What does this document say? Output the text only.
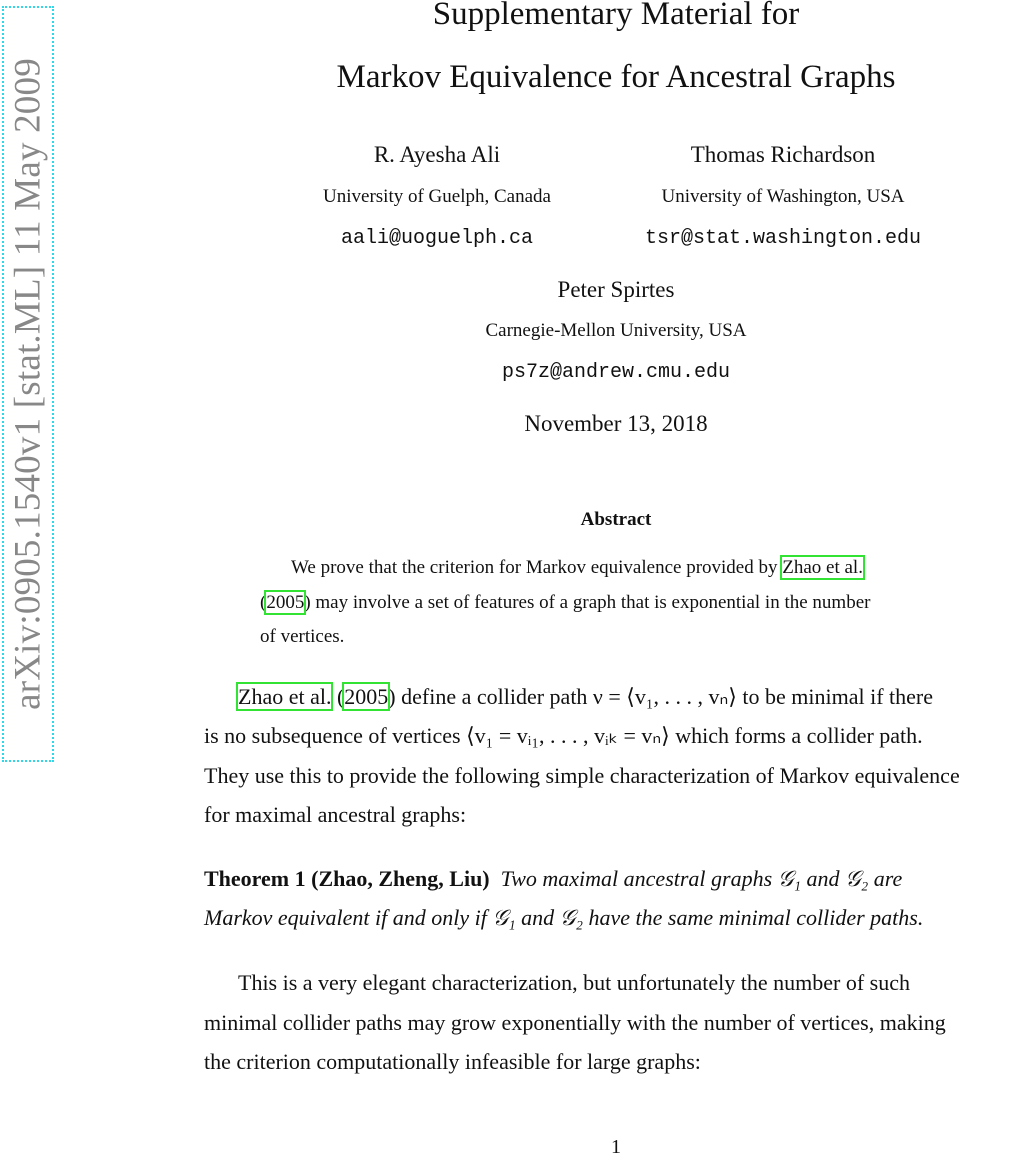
arXiv:0905.1540v1 [stat.ML] 11 May 2009
Supplementary Material for
Markov Equivalence for Ancestral Graphs
R. Ayesha Ali
University of Guelph, Canada
aali@uoguelph.ca
Thomas Richardson
University of Washington, USA
tsr@stat.washington.edu
Peter Spirtes
Carnegie-Mellon University, USA
ps7z@andrew.cmu.edu
November 13, 2018
Abstract
We prove that the criterion for Markov equivalence provided by Zhao et al.
(2005) may involve a set of features of a graph that is exponential in the number
of vertices.
Zhao et al. (2005) define a collider path ν = ⟨v₁, . . . , vₙ⟩ to be minimal if there
is no subsequence of vertices ⟨v₁ = vᵢ₁, . . . , vᵢₖ = vₙ⟩ which forms a collider path.
They use this to provide the following simple characterization of Markov equivalence
for maximal ancestral graphs:
Theorem 1 (Zhao, Zheng, Liu) Two maximal ancestral graphs 𝒢₁ and 𝒢₂ are
Markov equivalent if and only if 𝒢₁ and 𝒢₂ have the same minimal collider paths.
This is a very elegant characterization, but unfortunately the number of such
minimal collider paths may grow exponentially with the number of vertices, making
the criterion computationally infeasible for large graphs:
1
